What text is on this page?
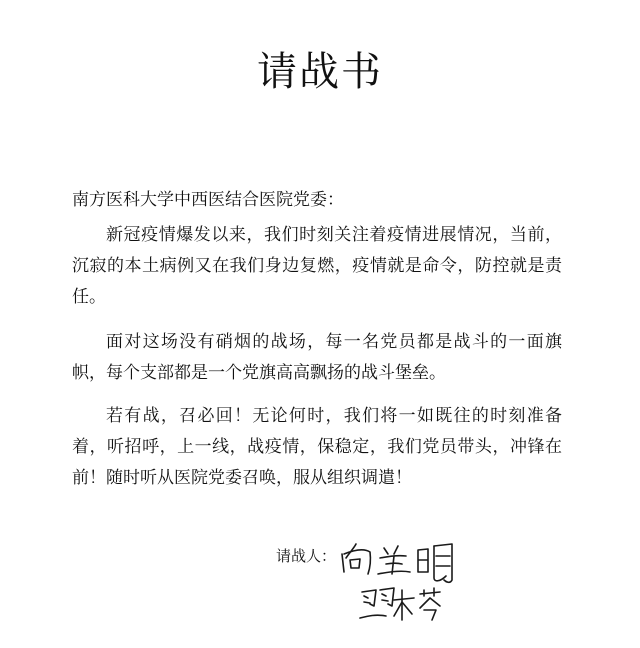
请战书

南方医科大学中西医结合医院党委：

新冠疫情爆发以来，我们时刻关注着疫情进展情况，当前，沉寂的本土病例又在我们身边复燃，疫情就是命令，防控就是责任。

面对这场没有硝烟的战场，每一名党员都是战斗的一面旗帜，每个支部都是一个党旗高高飘扬的战斗堡垒。

若有战，召必回！无论何时，我们将一如既往的时刻准备着，听招呼，上一线，战疫情，保稳定，我们党员带头，冲锋在前！随时听从医院党委召唤，服从组织调遣！

请战人：
